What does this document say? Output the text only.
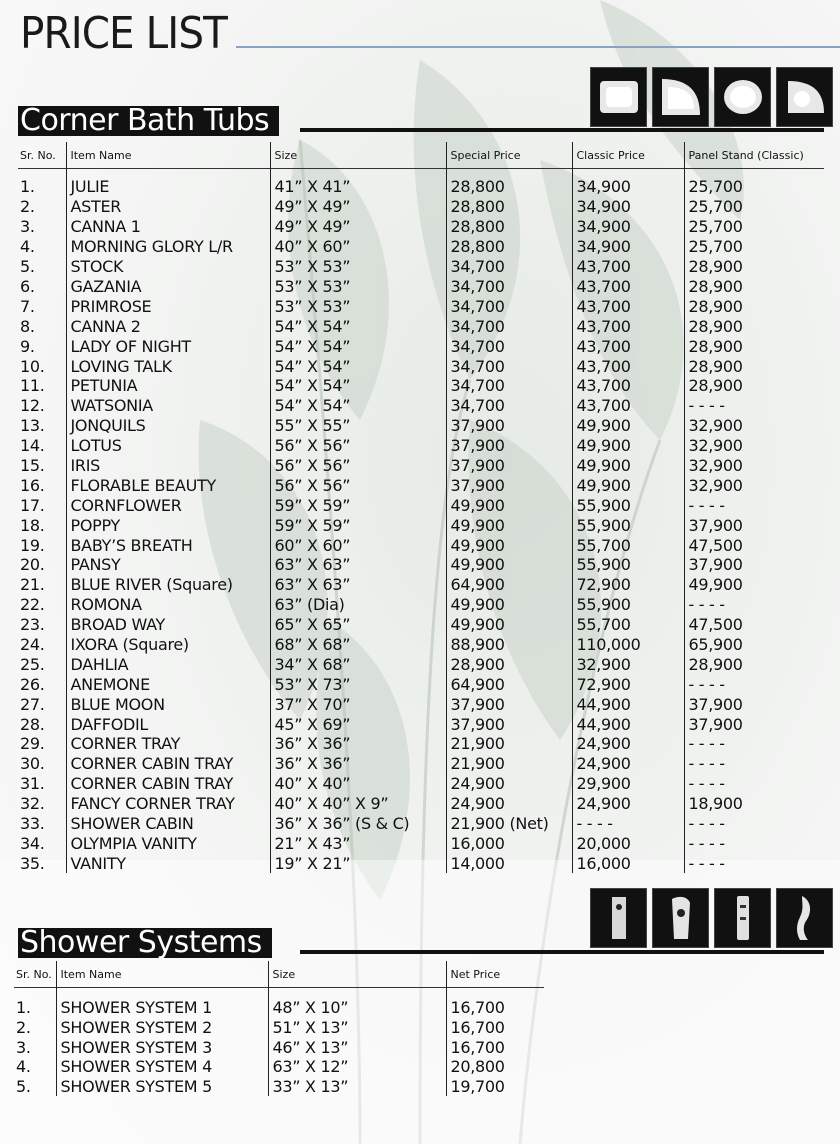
PRICE LIST
Corner Bath Tubs
Sr. No.	Item Name	Size	Special Price	Classic Price	Panel Stand (Classic)
1.	JULIE	41” X 41”	28,800	34,900	25,700
2.	ASTER	49” X 49”	28,800	34,900	25,700
3.	CANNA 1	49” X 49”	28,800	34,900	25,700
4.	MORNING GLORY L/R	40” X 60”	28,800	34,900	25,700
5.	STOCK	53” X 53”	34,700	43,700	28,900
6.	GAZANIA	53” X 53”	34,700	43,700	28,900
7.	PRIMROSE	53” X 53”	34,700	43,700	28,900
8.	CANNA 2	54” X 54”	34,700	43,700	28,900
9.	LADY OF NIGHT	54” X 54”	34,700	43,700	28,900
10.	LOVING TALK	54” X 54”	34,700	43,700	28,900
11.	PETUNIA	54” X 54”	34,700	43,700	28,900
12.	WATSONIA	54” X 54”	34,700	43,700	- - - -
13.	JONQUILS	55” X 55”	37,900	49,900	32,900
14.	LOTUS	56” X 56”	37,900	49,900	32,900
15.	IRIS	56” X 56”	37,900	49,900	32,900
16.	FLORABLE BEAUTY	56” X 56”	37,900	49,900	32,900
17.	CORNFLOWER	59” X 59”	49,900	55,900	- - - -
18.	POPPY	59” X 59”	49,900	55,900	37,900
19.	BABY’S BREATH	60” X 60”	49,900	55,700	47,500
20.	PANSY	63” X 63”	49,900	55,900	37,900
21.	BLUE RIVER (Square)	63” X 63”	64,900	72,900	49,900
22.	ROMONA	63” (Dia)	49,900	55,900	- - - -
23.	BROAD WAY	65” X 65”	49,900	55,700	47,500
24.	IXORA (Square)	68” X 68”	88,900	110,000	65,900
25.	DAHLIA	34” X 68”	28,900	32,900	28,900
26.	ANEMONE	53” X 73”	64,900	72,900	- - - -
27.	BLUE MOON	37” X 70”	37,900	44,900	37,900
28.	DAFFODIL	45” X 69”	37,900	44,900	37,900
29.	CORNER TRAY	36” X 36”	21,900	24,900	- - - -
30.	CORNER CABIN TRAY	36” X 36”	21,900	24,900	- - - -
31.	CORNER CABIN TRAY	40” X 40”	24,900	29,900	- - - -
32.	FANCY CORNER TRAY	40” X 40” X 9”	24,900	24,900	18,900
33.	SHOWER CABIN	36” X 36” (S & C)	21,900 (Net)	- - - -	- - - -
34.	OLYMPIA VANITY	21” X 43”	16,000	20,000	- - - -
35.	VANITY	19” X 21”	14,000	16,000	- - - -
Shower Systems
Sr. No.	Item Name	Size	Net Price
1.	SHOWER SYSTEM 1	48” X 10”	16,700
2.	SHOWER SYSTEM 2	51” X 13”	16,700
3.	SHOWER SYSTEM 3	46” X 13”	16,700
4.	SHOWER SYSTEM 4	63” X 12”	20,800
5.	SHOWER SYSTEM 5	33” X 13”	19,700
